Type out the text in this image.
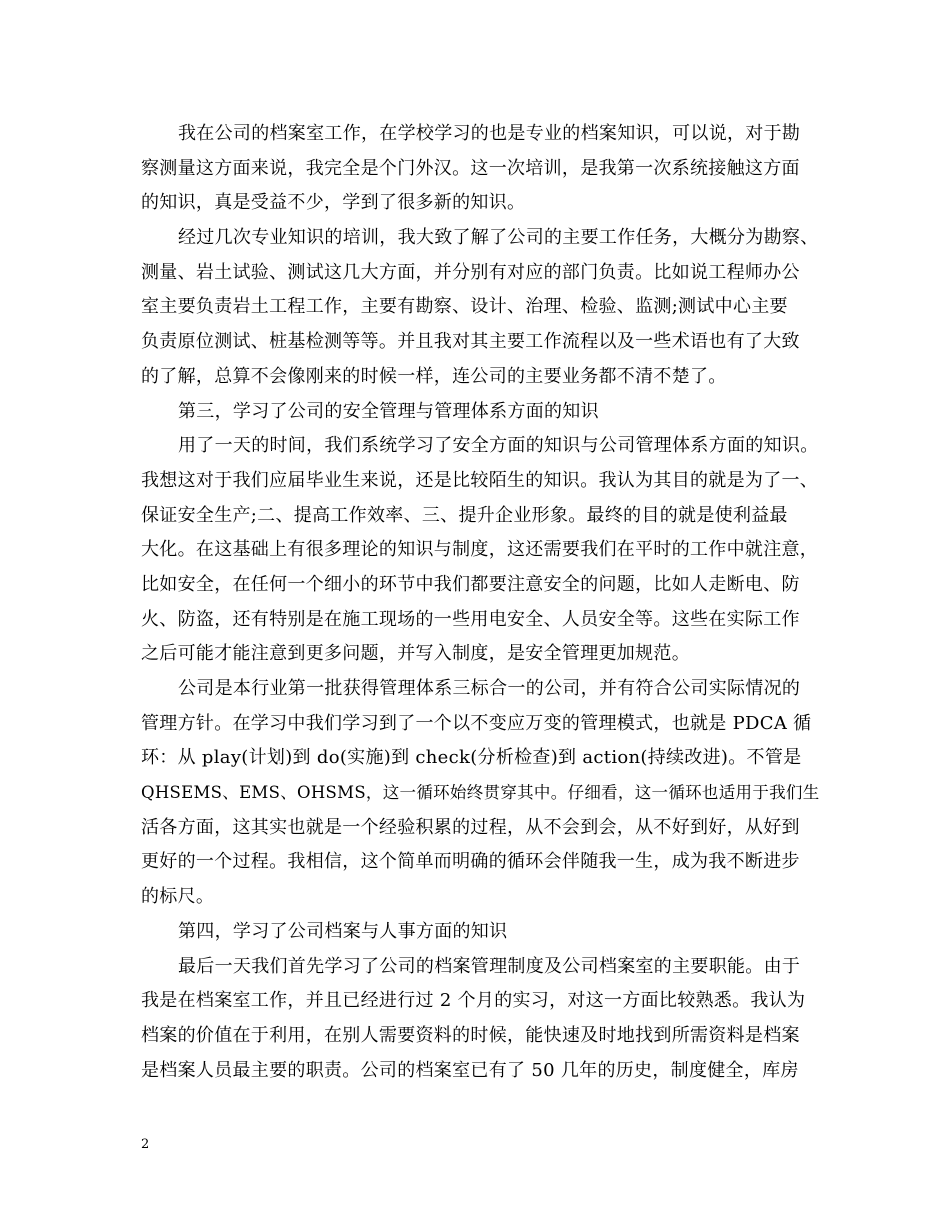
我在公司的档案室工作，在学校学习的也是专业的档案知识，可以说，对于勘
察测量这方面来说，我完全是个门外汉。这一次培训，是我第一次系统接触这方面
的知识，真是受益不少，学到了很多新的知识。
经过几次专业知识的培训，我大致了解了公司的主要工作任务，大概分为勘察、
测量、岩土试验、测试这几大方面，并分别有对应的部门负责。比如说工程师办公
室主要负责岩土工程工作，主要有勘察、设计、治理、检验、监测;测试中心主要
负责原位测试、桩基检测等等。并且我对其主要工作流程以及一些术语也有了大致
的了解，总算不会像刚来的时候一样，连公司的主要业务都不清不楚了。
第三，学习了公司的安全管理与管理体系方面的知识
用了一天的时间，我们系统学习了安全方面的知识与公司管理体系方面的知识。
我想这对于我们应届毕业生来说，还是比较陌生的知识。我认为其目的就是为了一、
保证安全生产;二、提高工作效率、三、提升企业形象。最终的目的就是使利益最
大化。在这基础上有很多理论的知识与制度，这还需要我们在平时的工作中就注意，
比如安全，在任何一个细小的环节中我们都要注意安全的问题，比如人走断电、防
火、防盗，还有特别是在施工现场的一些用电安全、人员安全等。这些在实际工作
之后可能才能注意到更多问题，并写入制度，是安全管理更加规范。
公司是本行业第一批获得管理体系三标合一的公司，并有符合公司实际情况的
管理方针。在学习中我们学习到了一个以不变应万变的管理模式，也就是 PDCA 循
环：从 play(计划)到 do(实施)到 check(分析检查)到 action(持续改进)。不管是
QHSEMS、EMS、OHSMS，这一循环始终贯穿其中。仔细看，这一循环也适用于我们生
活各方面，这其实也就是一个经验积累的过程，从不会到会，从不好到好，从好到
更好的一个过程。我相信，这个简单而明确的循环会伴随我一生，成为我不断进步
的标尺。
第四，学习了公司档案与人事方面的知识
最后一天我们首先学习了公司的档案管理制度及公司档案室的主要职能。由于
我是在档案室工作，并且已经进行过 2 个月的实习，对这一方面比较熟悉。我认为
档案的价值在于利用，在别人需要资料的时候，能快速及时地找到所需资料是档案
是档案人员最主要的职责。公司的档案室已有了 50 几年的历史，制度健全，库房
2
